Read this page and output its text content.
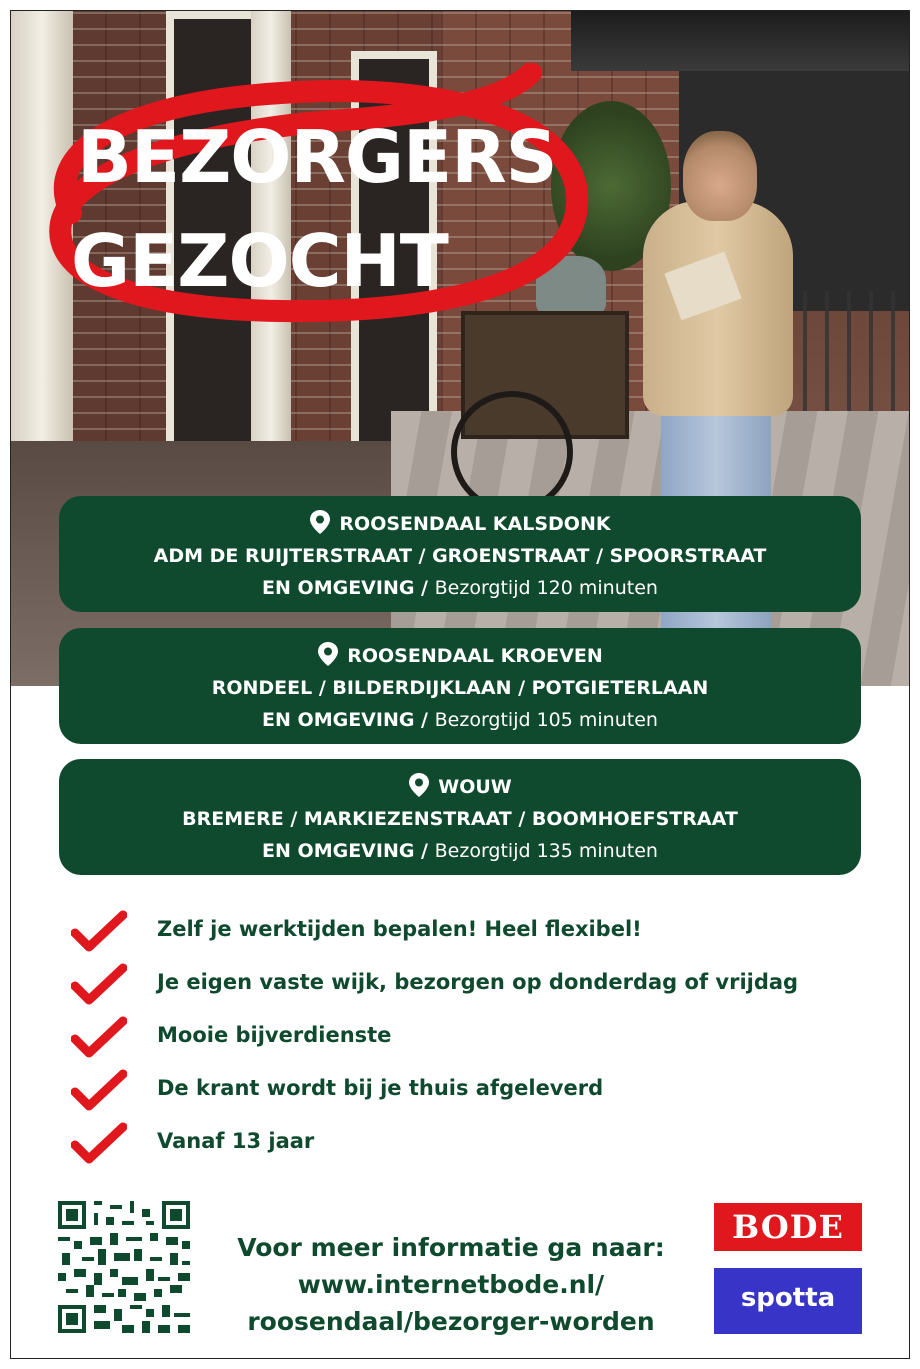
BEZORGERS
GEZOCHT
ROOSENDAAL KALSDONK
ADM DE RUIJTERSTRAAT / GROENSTRAAT / SPOORSTRAAT
EN OMGEVING / Bezorgtijd 120 minuten
ROOSENDAAL KROEVEN
RONDEEL / BILDERDIJKLAAN / POTGIETERLAAN
EN OMGEVING / Bezorgtijd 105 minuten
WOUW
BREMERE / MARKIEZENSTRAAT / BOOMHOEFSTRAAT
EN OMGEVING / Bezorgtijd 135 minuten
Zelf je werktijden bepalen! Heel flexibel!
Je eigen vaste wijk, bezorgen op donderdag of vrijdag
Mooie bijverdienste
De krant wordt bij je thuis afgeleverd
Vanaf 13 jaar
Voor meer informatie ga naar:
www.internetbode.nl/
roosendaal/bezorger-worden
BODE
spotta
